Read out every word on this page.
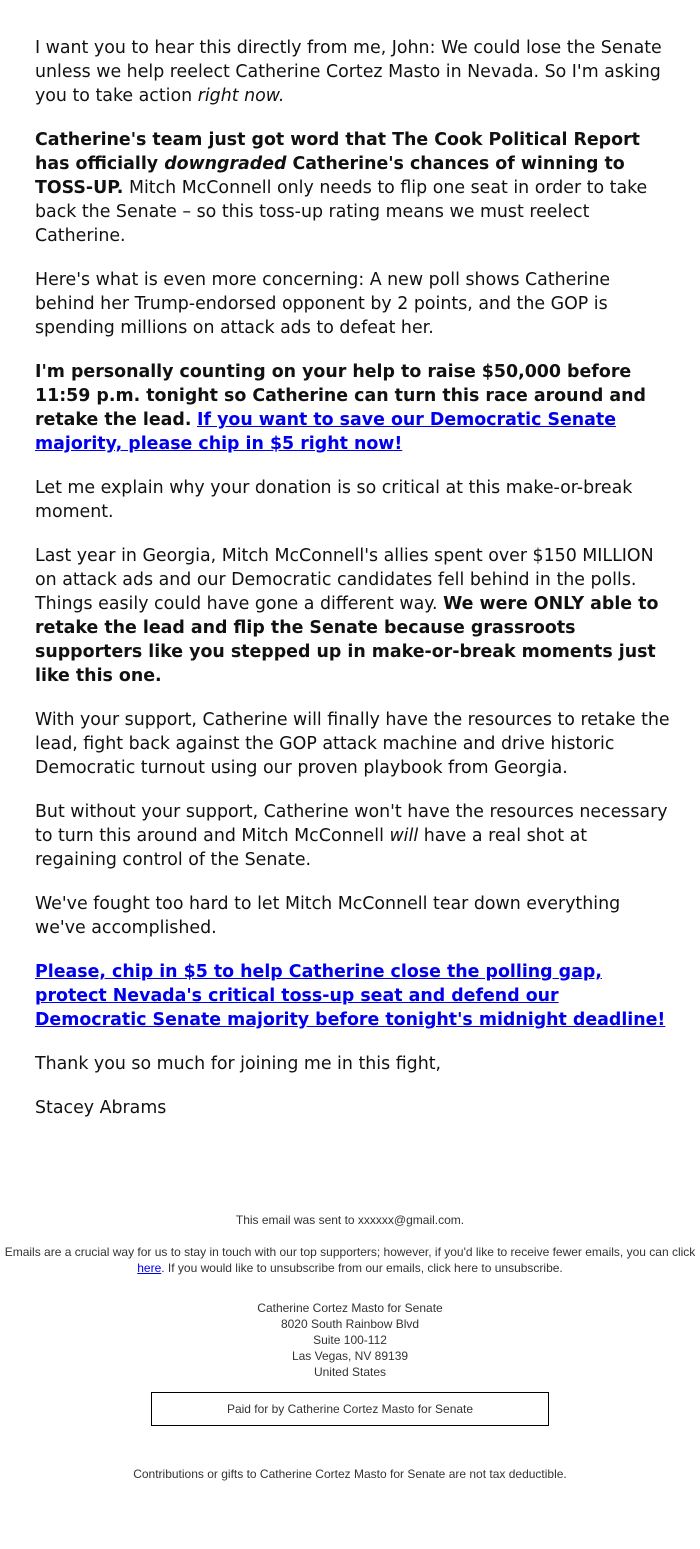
I want you to hear this directly from me, John: We could lose the Senate unless we help reelect Catherine Cortez Masto in Nevada. So I'm asking you to take action right now.

Catherine's team just got word that The Cook Political Report has officially downgraded Catherine's chances of winning to TOSS-UP. Mitch McConnell only needs to flip one seat in order to take back the Senate – so this toss-up rating means we must reelect Catherine.

Here's what is even more concerning: A new poll shows Catherine behind her Trump-endorsed opponent by 2 points, and the GOP is spending millions on attack ads to defeat her.

I'm personally counting on your help to raise $50,000 before 11:59 p.m. tonight so Catherine can turn this race around and retake the lead. If you want to save our Democratic Senate majority, please chip in $5 right now!

Let me explain why your donation is so critical at this make-or-break moment.

Last year in Georgia, Mitch McConnell's allies spent over $150 MILLION on attack ads and our Democratic candidates fell behind in the polls. Things easily could have gone a different way. We were ONLY able to retake the lead and flip the Senate because grassroots supporters like you stepped up in make-or-break moments just like this one.

With your support, Catherine will finally have the resources to retake the lead, fight back against the GOP attack machine and drive historic Democratic turnout using our proven playbook from Georgia.

But without your support, Catherine won't have the resources necessary to turn this around and Mitch McConnell will have a real shot at regaining control of the Senate.

We've fought too hard to let Mitch McConnell tear down everything we've accomplished.

Please, chip in $5 to help Catherine close the polling gap, protect Nevada's critical toss-up seat and defend our Democratic Senate majority before tonight's midnight deadline!

Thank you so much for joining me in this fight,

Stacey Abrams

This email was sent to xxxxxx@gmail.com.
Emails are a crucial way for us to stay in touch with our top supporters; however, if you'd like to receive fewer emails, you can click here. If you would like to unsubscribe from our emails, click here to unsubscribe.
Catherine Cortez Masto for Senate
8020 South Rainbow Blvd
Suite 100-112
Las Vegas, NV 89139
United States
Paid for by Catherine Cortez Masto for Senate
Contributions or gifts to Catherine Cortez Masto for Senate are not tax deductible.
